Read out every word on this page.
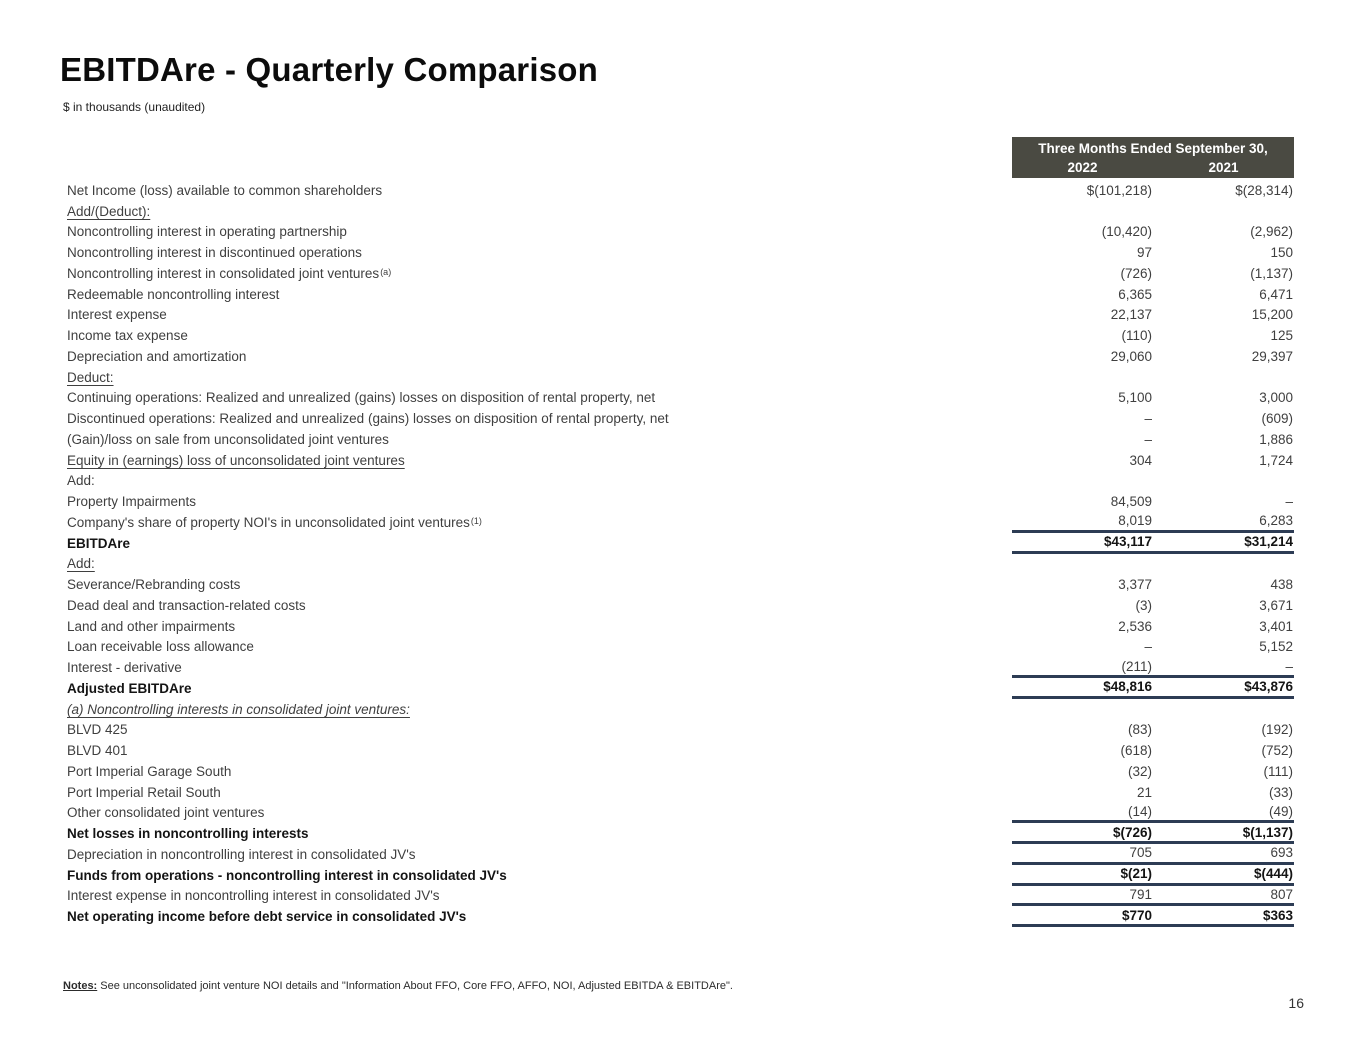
EBITDAre - Quarterly Comparison
$ in thousands (unaudited)
Three Months Ended September 30,
2022	2021
Net Income (loss) available to common shareholders	$(101,218)	$(28,314)
Add/(Deduct):
Noncontrolling interest in operating partnership	(10,420)	(2,962)
Noncontrolling interest in discontinued operations	97	150
Noncontrolling interest in consolidated joint ventures$^{(a)}$	(726)	(1,137)
Redeemable noncontrolling interest	6,365	6,471
Interest expense	22,137	15,200
Income tax expense	(110)	125
Depreciation and amortization	29,060	29,397
Deduct:
Continuing operations: Realized and unrealized (gains) losses on disposition of rental property, net	5,100	3,000
Discontinued operations: Realized and unrealized (gains) losses on disposition of rental property, net	–	(609)
(Gain)/loss on sale from unconsolidated joint ventures	–	1,886
Equity in (earnings) loss of unconsolidated joint ventures	304	1,724
Add:
Property Impairments	84,509	–
Company's share of property NOI's in unconsolidated joint ventures$^{(1)}$	8,019	6,283
EBITDAre	$43,117	$31,214
Add:
Severance/Rebranding costs	3,377	438
Dead deal and transaction-related costs	(3)	3,671
Land and other impairments	2,536	3,401
Loan receivable loss allowance	–	5,152
Interest - derivative	(211)	–
Adjusted EBITDAre	$48,816	$43,876
(a) Noncontrolling interests in consolidated joint ventures:
BLVD 425	(83)	(192)
BLVD 401	(618)	(752)
Port Imperial Garage South	(32)	(111)
Port Imperial Retail South	21	(33)
Other consolidated joint ventures	(14)	(49)
Net losses in noncontrolling interests	$(726)	$(1,137)
Depreciation in noncontrolling interest in consolidated JV's	705	693
Funds from operations - noncontrolling interest in consolidated JV's	$(21)	$(444)
Interest expense in noncontrolling interest in consolidated JV's	791	807
Net operating income before debt service in consolidated JV's	$770	$363
Notes: See unconsolidated joint venture NOI details and "Information About FFO, Core FFO, AFFO, NOI, Adjusted EBITDA & EBITDAre".
16
